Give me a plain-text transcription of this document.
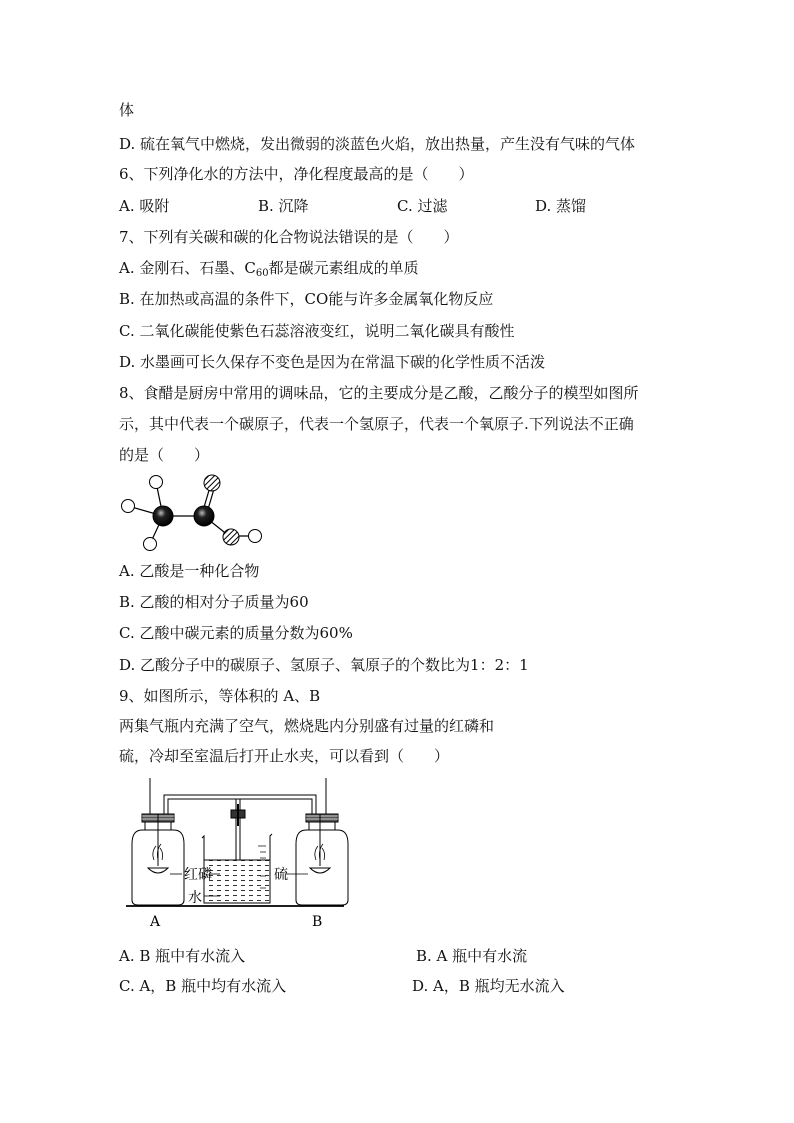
体
D. 硫在氧气中燃烧，发出微弱的淡蓝色火焰，放出热量，产生没有气味的气体
6、下列净化水的方法中，净化程度最高的是（　　）
A. 吸附	B. 沉降	C. 过滤	D. 蒸馏
7、下列有关碳和碳的化合物说法错误的是（　　）
A. 金刚石、石墨、$C_{60}$都是碳元素组成的单质
B. 在加热或高温的条件下，CO能与许多金属氧化物反应
C. 二氧化碳能使紫色石蕊溶液变红，说明二氧化碳具有酸性
D. 水墨画可长久保存不变色是因为在常温下碳的化学性质不活泼
8、食醋是厨房中常用的调味品，它的主要成分是乙酸，乙酸分子的模型如图所
示，其中代表一个碳原子，代表一个氢原子，代表一个氧原子.下列说法不正确
的是（　　）
A. 乙酸是一种化合物
B. 乙酸的相对分子质量为60
C. 乙酸中碳元素的质量分数为60%
D. 乙酸分子中的碳原子、氢原子、氧原子的个数比为1：2：1
9、如图所示，等体积的 A、B
两集气瓶内充满了空气，燃烧匙内分别盛有过量的红磷和
硫，冷却至室温后打开止水夹，可以看到（　　）
红磷
水
硫
A	B
A. B 瓶中有水流入	B. A 瓶中有水流
C. A，B 瓶中均有水流入	D. A，B 瓶均无水流入
